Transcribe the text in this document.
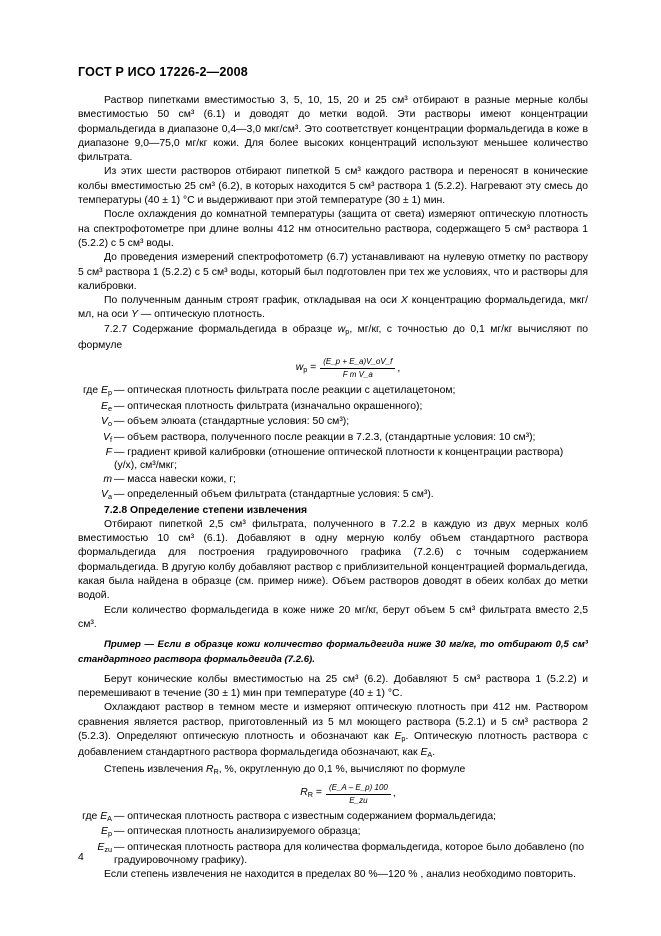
ГОСТ Р ИСО 17226-2—2008

Раствор пипетками вместимостью 3, 5, 10, 15, 20 и 25 см³ отбирают в разные мерные колбы вместимостью 50 см³ (6.1) и доводят до метки водой. Эти растворы имеют концентрации формальдегида в диапазоне 0,4—3,0 мкг/см³. Это соответствует концентрации формальдегида в коже в диапазоне 9,0—75,0 мг/кг кожи. Для более высоких концентраций используют меньшее количество фильтрата.

Из этих шести растворов отбирают пипеткой 5 см³ каждого раствора и переносят в конические колбы вместимостью 25 см³ (6.2), в которых находится 5 см³ раствора 1 (5.2.2). Нагревают эту смесь до температуры (40 ± 1) °С и выдерживают при этой температуре (30 ± 1) мин.

После охлаждения до комнатной температуры (защита от света) измеряют оптическую плотность на спектрофотометре при длине волны 412 нм относительно раствора, содержащего 5 см³ раствора 1 (5.2.2) с 5 см³ воды.

До проведения измерений спектрофотометр (6.7) устанавливают на нулевую отметку по раствору 5 см³ раствора 1 (5.2.2) с 5 см³ воды, который был подготовлен при тех же условиях, что и растворы для калибровки.

По полученным данным строят график, откладывая на оси X концентрацию формальдегида, мкг/мл, на оси Y — оптическую плотность.

7.2.7 Содержание формальдегида в образце $w_p$, мг/кг, с точностью до 0,1 мг/кг вычисляют по формуле

$w_p = \frac{(E\_p + E\_a)V\_oV\_f}{\text{F m V\_a}}$ ,
где $E_p$ — оптическая плотность фильтрата после реакции с ацетилацетоном;
$E_e$ — оптическая плотность фильтрата (изначально окрашенного);
$V_o$ — объем элюата (стандартные условия: 50 см³);
$V_f$ — объем раствора, полученного после реакции в 7.2.3, (стандартные условия: 10 см³);
F — градиент кривой калибровки (отношение оптической плотности к концентрации раствора) (y/x), см³/мкг;
m — масса навески кожи, г;
$V_a$ — определенный объем фильтрата (стандартные условия: 5 см³).

7.2.8 Определение степени извлечения

Отбирают пипеткой 2,5 см³ фильтрата, полученного в 7.2.2 в каждую из двух мерных колб вместимостью 10 см³ (6.1). Добавляют в одну мерную колбу объем стандартного раствора формальдегида для построения градуировочного графика (7.2.6) с точным содержанием формальдегида. В другую колбу добавляют раствор с приблизительной концентрацией формальдегида, какая была найдена в образце (см. пример ниже). Объем растворов доводят в обеих колбах до метки водой.

Если количество формальдегида в коже ниже 20 мг/кг, берут объем 5 см³ фильтрата вместо 2,5 см³.

Пример — Если в образце кожи количество формальдегида ниже 30 мг/кг, то отбирают 0,5 см³ стандартного раствора формальдегида (7.2.6).

Берут конические колбы вместимостью на 25 см³ (6.2). Добавляют 5 см³ раствора 1 (5.2.2) и перемешивают в течение (30 ± 1) мин при температуре (40 ± 1) °С.

Охлаждают раствор в темном месте и измеряют оптическую плотность при 412 нм. Раствором сравнения является раствор, приготовленный из 5 мл моющего раствора (5.2.1) и 5 см³ раствора 2 (5.2.3). Определяют оптическую плотность и обозначают как $E_p$. Оптическую плотность раствора с добавлением стандартного раствора формальдегида обозначают, как $E_A$.

Степень извлечения $R_R$, %, округленную до 0,1 %, вычисляют по формуле

$R_R = \frac{(E\_A - E\_p) 100}{E\_zu}$ ,
где $E_A$ — оптическая плотность раствора с известным содержанием формальдегида;
$E_p$ — оптическая плотность анализируемого образца;
$E_{zu}$ — оптическая плотность раствора для количества формальдегида, которое было добавлено (по градуировочному графику).

Если степень извлечения не находится в пределах 80 %—120 % , анализ необходимо повторить.

4
